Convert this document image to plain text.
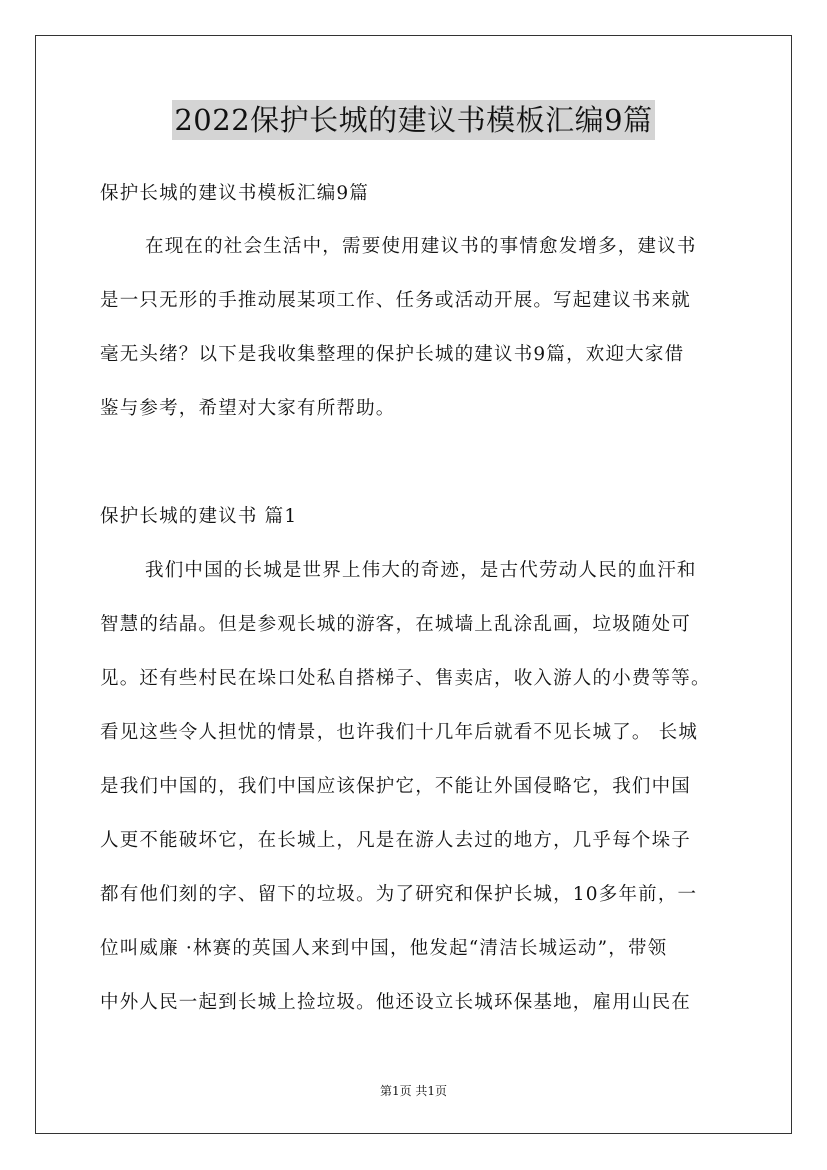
2022保护长城的建议书模板汇编9篇
保护长城的建议书模板汇编9篇
在现在的社会生活中，需要使用建议书的事情愈发增多，建议书
是一只无形的手推动展某项工作、任务或活动开展。写起建议书来就
毫无头绪？以下是我收集整理的保护长城的建议书9篇，欢迎大家借
鉴与参考，希望对大家有所帮助。
保护长城的建议书 篇1
我们中国的长城是世界上伟大的奇迹，是古代劳动人民的血汗和
智慧的结晶。但是参观长城的游客，在城墙上乱涂乱画，垃圾随处可
见。还有些村民在垛口处私自搭梯子、售卖店，收入游人的小费等等。
看见这些令人担忧的情景，也许我们十几年后就看不见长城了。 长城
是我们中国的，我们中国应该保护它，不能让外国侵略它，我们中国
人更不能破坏它，在长城上，凡是在游人去过的地方，几乎每个垛子
都有他们刻的字、留下的垃圾。为了研究和保护长城，10多年前，一
位叫威廉 ·林赛的英国人来到中国，他发起“清洁长城运动”，带领
中外人民一起到长城上捡垃圾。他还设立长城环保基地，雇用山民在
第1页 共1页
